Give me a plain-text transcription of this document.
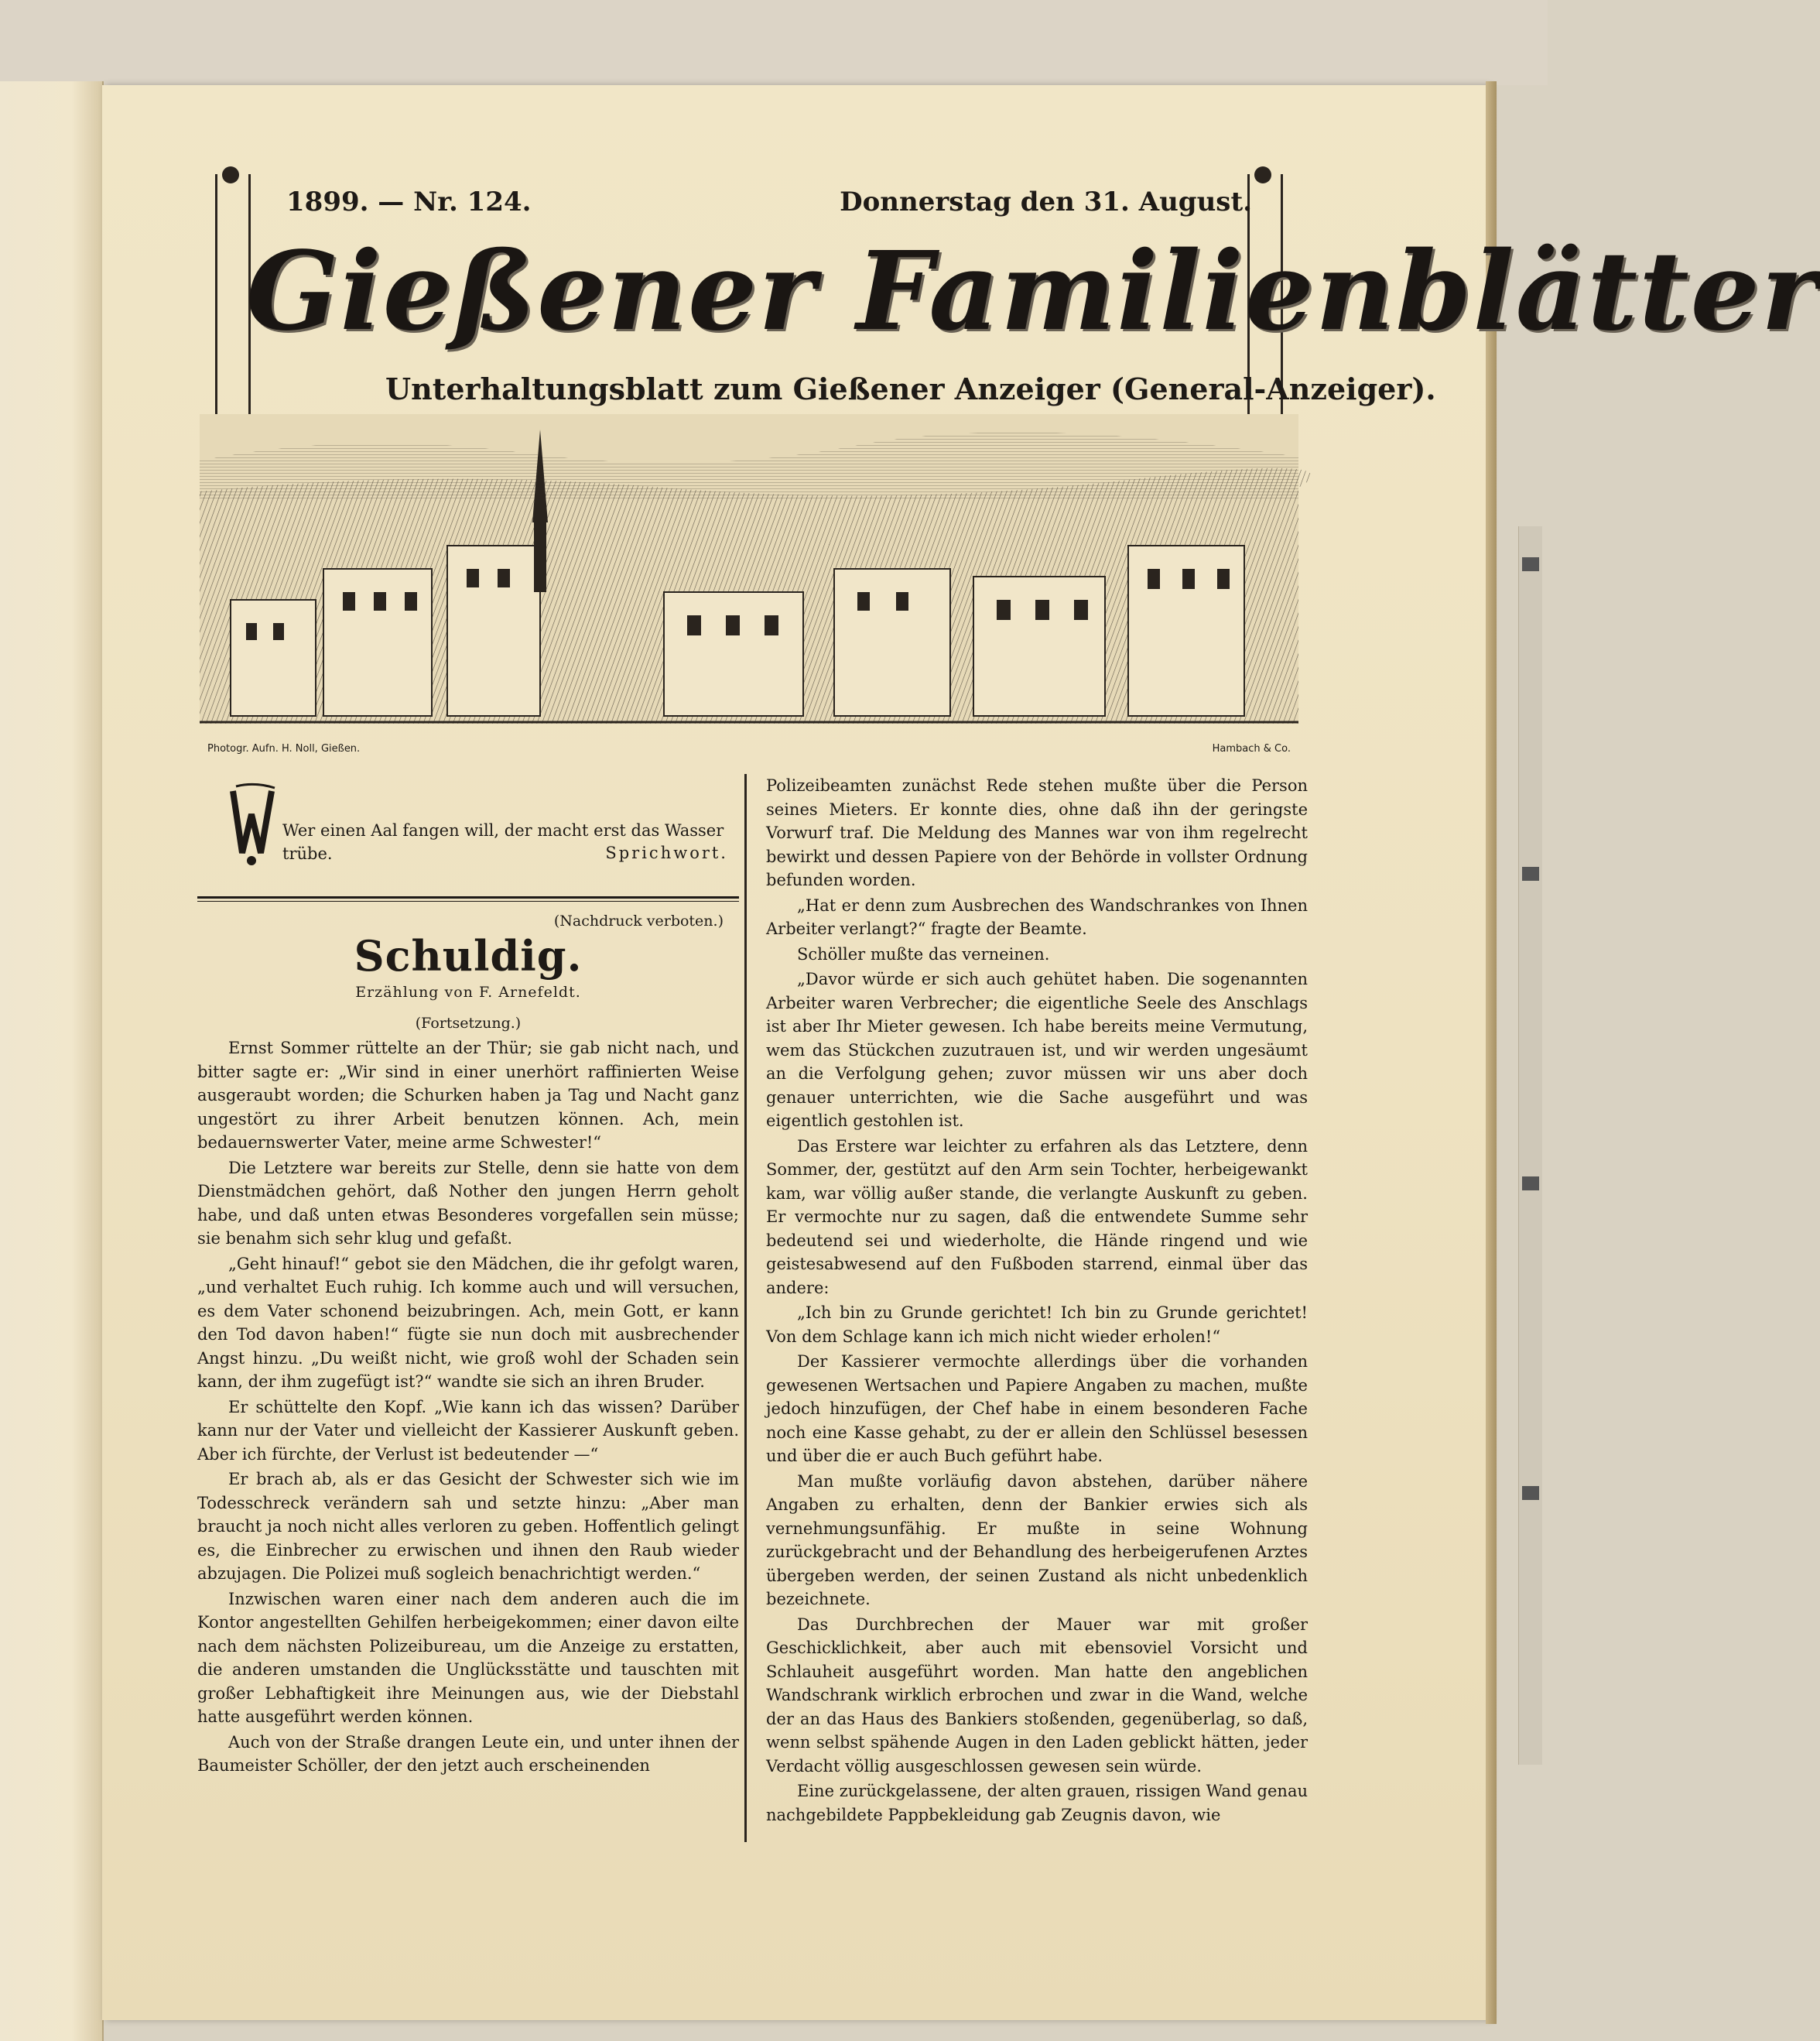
1899. — Nr. 124.	Donnerstag den 31. August.
Gießener Familienblätter
Unterhaltungsblatt zum Gießener Anzeiger (General-Anzeiger).
Photogr. Aufn. H. Noll, Gießen.	Hambach & Co.
Wer einen Aal fangen will, der macht erst das Wasser trübe.	Sprichwort.
(Nachdruck verboten.)
Schuldig.
Erzählung von F. Arnefeldt.
(Fortsetzung.)

Ernst Sommer rüttelte an der Thür; sie gab nicht nach, und bitter sagte er: „Wir sind in einer unerhört raffinierten Weise ausgeraubt worden; die Schurken haben ja Tag und Nacht ganz ungestört zu ihrer Arbeit benutzen können. Ach, mein bedauernswerter Vater, meine arme Schwester!“

Die Letztere war bereits zur Stelle, denn sie hatte von dem Dienstmädchen gehört, daß Nother den jungen Herrn geholt habe, und daß unten etwas Besonderes vorgefallen sein müsse; sie benahm sich sehr klug und gefaßt.

„Geht hinauf!“ gebot sie den Mädchen, die ihr gefolgt waren, „und verhaltet Euch ruhig. Ich komme auch und will versuchen, es dem Vater schonend beizubringen. Ach, mein Gott, er kann den Tod davon haben!“ fügte sie nun doch mit ausbrechender Angst hinzu. „Du weißt nicht, wie groß wohl der Schaden sein kann, der ihm zugefügt ist?“ wandte sie sich an ihren Bruder.

Er schüttelte den Kopf. „Wie kann ich das wissen? Darüber kann nur der Vater und vielleicht der Kassierer Auskunft geben. Aber ich fürchte, der Verlust ist bedeutender —“

Er brach ab, als er das Gesicht der Schwester sich wie im Todesschreck verändern sah und setzte hinzu: „Aber man braucht ja noch nicht alles verloren zu geben. Hoffentlich gelingt es, die Einbrecher zu erwischen und ihnen den Raub wieder abzujagen. Die Polizei muß sogleich benachrichtigt werden.“

Inzwischen waren einer nach dem anderen auch die im Kontor angestellten Gehilfen herbeigekommen; einer davon eilte nach dem nächsten Polizeibureau, um die Anzeige zu erstatten, die anderen umstanden die Unglücksstätte und tauschten mit großer Lebhaftigkeit ihre Meinungen aus, wie der Diebstahl hatte ausgeführt werden können.

Auch von der Straße drangen Leute ein, und unter ihnen der Baumeister Schöller, der den jetzt auch erscheinenden

Polizeibeamten zunächst Rede stehen mußte über die Person seines Mieters. Er konnte dies, ohne daß ihn der geringste Vorwurf traf. Die Meldung des Mannes war von ihm regelrecht bewirkt und dessen Papiere von der Behörde in vollster Ordnung befunden worden.

„Hat er denn zum Ausbrechen des Wandschrankes von Ihnen Arbeiter verlangt?“ fragte der Beamte.

Schöller mußte das verneinen.

„Davor würde er sich auch gehütet haben. Die sogenannten Arbeiter waren Verbrecher; die eigentliche Seele des Anschlags ist aber Ihr Mieter gewesen. Ich habe bereits meine Vermutung, wem das Stückchen zuzutrauen ist, und wir werden ungesäumt an die Verfolgung gehen; zuvor müssen wir uns aber doch genauer unterrichten, wie die Sache ausgeführt und was eigentlich gestohlen ist.

Das Erstere war leichter zu erfahren als das Letztere, denn Sommer, der, gestützt auf den Arm sein Tochter, herbeigewankt kam, war völlig außer stande, die verlangte Auskunft zu geben. Er vermochte nur zu sagen, daß die entwendete Summe sehr bedeutend sei und wiederholte, die Hände ringend und wie geistesabwesend auf den Fußboden starrend, einmal über das andere:

„Ich bin zu Grunde gerichtet! Ich bin zu Grunde gerichtet! Von dem Schlage kann ich mich nicht wieder erholen!“

Der Kassierer vermochte allerdings über die vorhanden gewesenen Wertsachen und Papiere Angaben zu machen, mußte jedoch hinzufügen, der Chef habe in einem besonderen Fache noch eine Kasse gehabt, zu der er allein den Schlüssel besessen und über die er auch Buch geführt habe.

Man mußte vorläufig davon abstehen, darüber nähere Angaben zu erhalten, denn der Bankier erwies sich als vernehmungsunfähig. Er mußte in seine Wohnung zurückgebracht und der Behandlung des herbeigerufenen Arztes übergeben werden, der seinen Zustand als nicht unbedenklich bezeichnete.

Das Durchbrechen der Mauer war mit großer Geschicklichkeit, aber auch mit ebensoviel Vorsicht und Schlauheit ausgeführt worden. Man hatte den angeblichen Wandschrank wirklich erbrochen und zwar in die Wand, welche der an das Haus des Bankiers stoßenden, gegenüberlag, so daß, wenn selbst spähende Augen in den Laden geblickt hätten, jeder Verdacht völlig ausgeschlossen gewesen sein würde.

Eine zurückgelassene, der alten grauen, rissigen Wand genau nachgebildete Pappbekleidung gab Zeugnis davon, wie
